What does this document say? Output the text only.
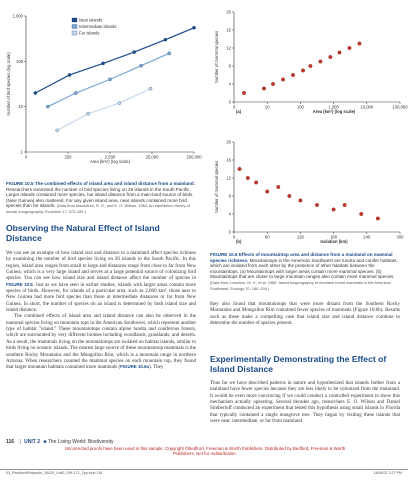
1,000
100
10
1
0	250	2,500	25,000	250,000
Area (km²) (log scale)
Number of bird species (log scale)
Near islands
Intermediate islands
Far islands
FIGURE 10.5 The combined effects of island area and island distance from a mainland. Researchers examined the number of bird species living on 26 islands in the South Pacific. Larger islands contained more species, but island distance from a main-land source of birds (New Guinea) also mattered. For any given island area, near islands contained more bird species than far islands. (Data from MacArthur, R. H., and E. O. Wilson. 1963. An equilibrium theory of insular zoogeography. Evolution 17: 373–387.)
20
16
12
8
4
0
0	10	100	1,000	10,000	100,000
Area (km²) (log scale)
(a)
Number of mammal species
20
16
12
8
4
0
0	60	120	180	240	300
Isolation (km)
(b)
Number of mammal species
FIGURE 10.6 Effects of mountaintop area and distance from a mainland on mammal species richness. Mountaintops in the American Southwest are tundra and conifer habitats, which are isolated from each other by the presence of other habitats between the mountaintops. (a) Mountaintops with larger areas contain more mammal species. (b) Mountaintops that are closer to large mountain ranges also contain more mammal species. (Data from Lomolino, M. V., et al. 1989. Island biogeography of montane forest mammals in the American Southwest. Ecology 70: 180–194.)
Observing the Natural Effect of Island Distance
We can see an example of how island size and distance to a mainland affect species richness by examining the number of bird species living on 26 islands in the South Pacific. In this region, island area ranges from small to large and distances range from close to far from New Guinea, which is a very large island and serves as a large potential source of colonizing bird species. You can see how island size and island distance affect the number of species in FIGURE 10.5. Just as we have seen in earlier studies, islands with larger areas contain more species of birds. However, for islands of a particular area, such as 2,600 km², those near to New Guinea had more bird species than those at intermediate distances or far from New Guinea. In short, the number of species on an island is determined by both island size and island distance.
The combined effects of island area and island distance can also be observed in the mammal species living on mountain tops in the American Southwest, which represent another type of habitat "island." These mountaintops contain alpine tundra and coniferous forests, which are surrounded by very different biomes including woodlands, grasslands, and deserts. As a result, the mammals living on the mountaintops are isolated on habitat islands, similar to birds living on oceanic islands. The nearest large source of these mountaintop mammals is the southern Rocky Mountains and the Mongollon Rim, which is a mountain range in northern Arizona. When researchers counted the mammal species on each mountain top, they found that larger mountain habitats contained more mammals (FIGURE 10.6a). They
they also found that mountaintops that were more distant from the Southern Rocky Mountains and Mongollon Rim contained fewer species of mammals (Figure 10.6b). Results such as these make a compelling case that island size and island distance combine to determine the number of species present.
Experimentally Demonstrating the Effect of Island Distance
Thus far we have described patterns in nature and hypothesized that islands farther from a mainland have fewer species because they are less likely to be colonized from the mainland. It would be even more convincing if we could conduct a controlled experiment to show this mechanism actually operating. Several decades ago, researchers E. O. Wilson and Daniel Simberloff conducted an experiment that tested this hypothesis using small islands in Florida that typically contained a single mangrove tree. They began by visiting these islands that were near, intermediate, or far from mainland
116 | UNIT 2 ■ The Living World: Biodiversity
Uncorrected proofs have been used in this sample. Copyright ©Bedford, Freeman & Worth Publishers. Distributed by Bedford, Freeman & Worth Publishers. Not for redistribution.
03_FriedlandRelyea4e_16420_Unit2_094-171_2pp.indd 116	18/06/21 3:27 PM
